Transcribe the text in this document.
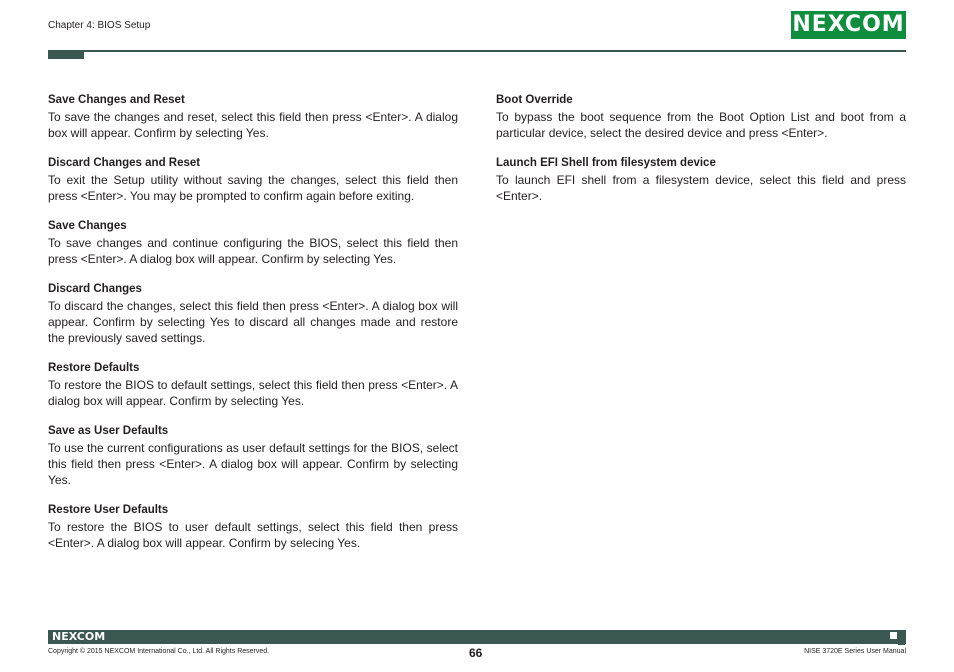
Chapter 4: BIOS Setup	NEXCOM
Save Changes and Reset

To save the changes and reset, select this field then press <Enter>. A dialog box will appear. Confirm by selecting Yes.

Discard Changes and Reset

To exit the Setup utility without saving the changes, select this field then press <Enter>. You may be prompted to confirm again before exiting.

Save Changes

To save changes and continue configuring the BIOS, select this field then press <Enter>. A dialog box will appear. Confirm by selecting Yes.

Discard Changes

To discard the changes, select this field then press <Enter>. A dialog box will appear. Confirm by selecting Yes to discard all changes made and restore the previously saved settings.

Restore Defaults

To restore the BIOS to default settings, select this field then press <Enter>. A dialog box will appear. Confirm by selecting Yes.

Save as User Defaults

To use the current configurations as user default settings for the BIOS, select this field then press <Enter>. A dialog box will appear. Confirm by selecting Yes.

Restore User Defaults

To restore the BIOS to user default settings, select this field then press <Enter>. A dialog box will appear. Confirm by selecing Yes.

Boot Override

To bypass the boot sequence from the Boot Option List and boot from a particular device, select the desired device and press <Enter>.

Launch EFI Shell from filesystem device

To launch EFI shell from a filesystem device, select this field and press <Enter>.

NEXCOM
Copyright © 2015 NEXCOM International Co., Ltd. All Rights Reserved.	66	NISE 3720E Series User Manual
